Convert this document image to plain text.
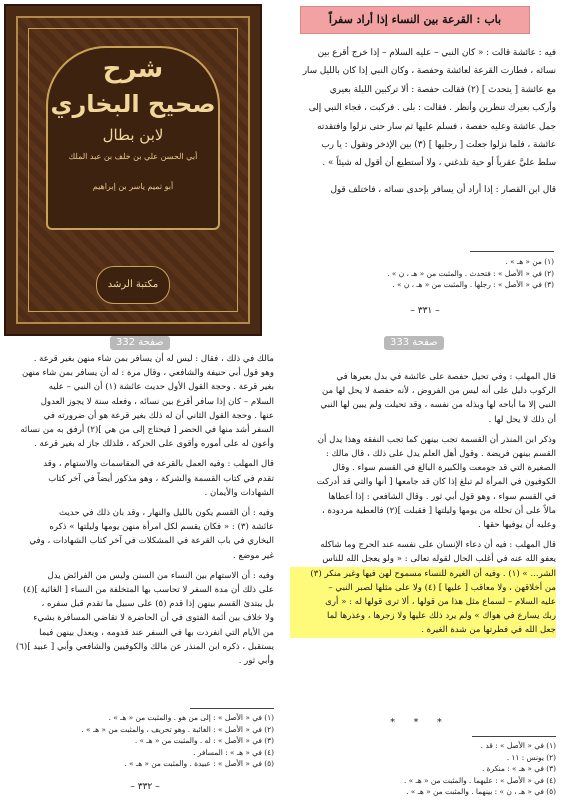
شرح
صحيح البخاري
لابن بطال
أبي الحسن علي بن خلف بن عبد الملك
أبو تميم ياسر بن إبراهيم
مكتبة الرشد
صفحة 332	صفحة 333
باب : القرعة بين النساء إذا أراد سفراً

فيه : عائشة قالت : « كان النبي – عليه السلام – إذا خرج أقرع بين

نسائه ، فطارت القرعة لعائشة وحفصة ، وكان النبي إذا كان بالليل سار

مع عائشة [ يتحدث ] (٢) فقالت حفصة : ألا تركبين الليلة بعيري

وأركب بعيرك تنظرين وأنظر . فقالت : بلى . فركبت ، فجاء النبي إلى

جمل عائشة وعليه حفصة ، فسلم عليها ثم سار حتى نزلوا وافتقدته

عائشة ، فلما نزلوا جعلت [ رجليها ] (٣) بين الإذخر وتقول : يا رب

سلط عليَّ عقرباً أو حية تلدغني ، ولا أستطيع أن أقول له شيئاً » .

قال ابن القصار : إذا أراد أن يسافر بإحدى نسائه ، فاختلف قول

(١) من « هـ » .
(٢) في « الأصل » : فتحدث . والمثبت من « هـ ، ن » .
(٣) في « الأصل » : رجلها . والمثبت من « هـ ، ن » .
– ٣٣١ –

مالك في ذلك ، فقال : ليس له أن يسافر بمن شاء منهن بغير قرعة .

وهو قول أبي حنيفة والشافعي ، وقال مرة : له أن يسافر بمن شاء منهن

بغير قرعة . وحجة القول الأول حديث عائشة (١) أن النبي – عليه

السلام – كان إذا سافر أقرع بين نسائه ، وفعله سنة لا يجوز العدول

عنها . وحجة القول الثاني أن له ذلك بغير قرعة هو أن ضرورته في

السفر أشد منها في الحضر [ فيحتاج إلى من هي ](٢) أرفق به من نسائه

وأعون له على أموره وأقوى على الحركة ، فلذلك جاز له بغير قرعة .

قال المهلب : وفيه العمل بالقرعة في المقاسمات والاستهام ، وقد

تقدم في كتاب القسمة والشركة ، وهو مذكور أيضاً في آخر كتاب

الشهادات والأيمان .

وفيه : أن القسم يكون بالليل والنهار ، وقد بان ذلك في حديث

عائشة (٣) : « فكان يقسم لكل امرأة منهن يومها وليلتها » ذكره

البخاري في باب القرعة في المشكلات في آخر كتاب الشهادات ، وفي

غير موضع .

وفيه : أن الاستهام بين النساء من السنن وليس من الفرائض يدل

على ذلك أن مدة السفر لا تحاسب بها المتخلفة من النساء [ الغائبة ](٤)

بل يبتدئ القسم بينهن إذا قدم (٥) على سبيل ما تقدم قبل سفره ،

ولا خلاف بين أئمة الفتوى في أن الحاضرة لا تقاضي المسافرة بشيء

من الأيام التي انفردت بها في السفر عند قدومه ، ويعدل بينهن فيما

يستقبل ، ذكره ابن المنذر عن مالك والكوفيين والشافعي وأبي [ عبيد ](٦)

وأبي ثور .

(١) في « الأصل » : إلى من هو . والمثبت من « هـ » .
(٢) في « الأصل » : الغائبة . وهو تحريف ، والمثبت من « هـ » .
(٣) في « الأصل » : له . والمثبت من « هـ » .
(٤) في « هـ » : المسافر .
(٥) في « الأصل » : عبيدة . والمثبت من « هـ » .
– ٣٣٢ –

قال المهلب : وفي تحيل حفصة على عائشة في بدل بعيرها في

الركوب دليل على أنه ليس من الفروض ، لأنه حفصة لا يحل لها من

النبي إلا ما أباحه لها وبذله من نفسه ، وقد تحيلت ولم يبين لها النبي

أن ذلك لا يحل لها .

وذكر ابن المنذر أن القسمة تجب بينهن كما تجب النفقة وهذا يدل أن

القسم بينهن فريضة . وقول أهل العلم يدل على ذلك ، قال مالك :

الصغيرة التي قد جومعت والكبيرة البالغ في القسم سواء . وقال

الكوفيون في المرأة لم تبلغ إذا كان قد جامعها [ أنها والتي قد أدركت

في القسم سواء ، وهو قول أبي ثور . وقال الشافعي : إذا أعطاها

مالاً على أن تحلله من يومها وليلتها [ فقبلت ](٢) فالعطية مردودة ،

وعليه أن يوفيها حقها .

قال المهلب : فيه أن دعاء الإنسان على نفسه عند الحرج وما شاكله

يعفو الله عنه في أغلب الحال لقوله تعالى : « ولو يعجل الله للناس

الشر... » (١) . وفيه أن الغيرة للنساء مسموح لهن فيها وغير منكر (٣)

من أخلاقهن ، ولا معاقب [ عليها ] (٤) ولا على مثلها لصبر النبي –

عليه السلام – لسماع مثل هذا من قولها ، ألا ترى قولها له : « أرى

ربك يسارع في هواك » ولم يرد ذلك عليها ولا زجرها ، وعذرها لما

جعل الله في فطرتها من شدة الغيرة .

* * *
(١) في « الأصل » : قد .
(٢) يونس : ١١ .
(٣) في « هـ » : منكرة .
(٤) في « الأصل » : عليهما . والمثبت من « هـ » .
(٥) في « هـ ، ن » : بينهما . والمثبت من « هـ » .
